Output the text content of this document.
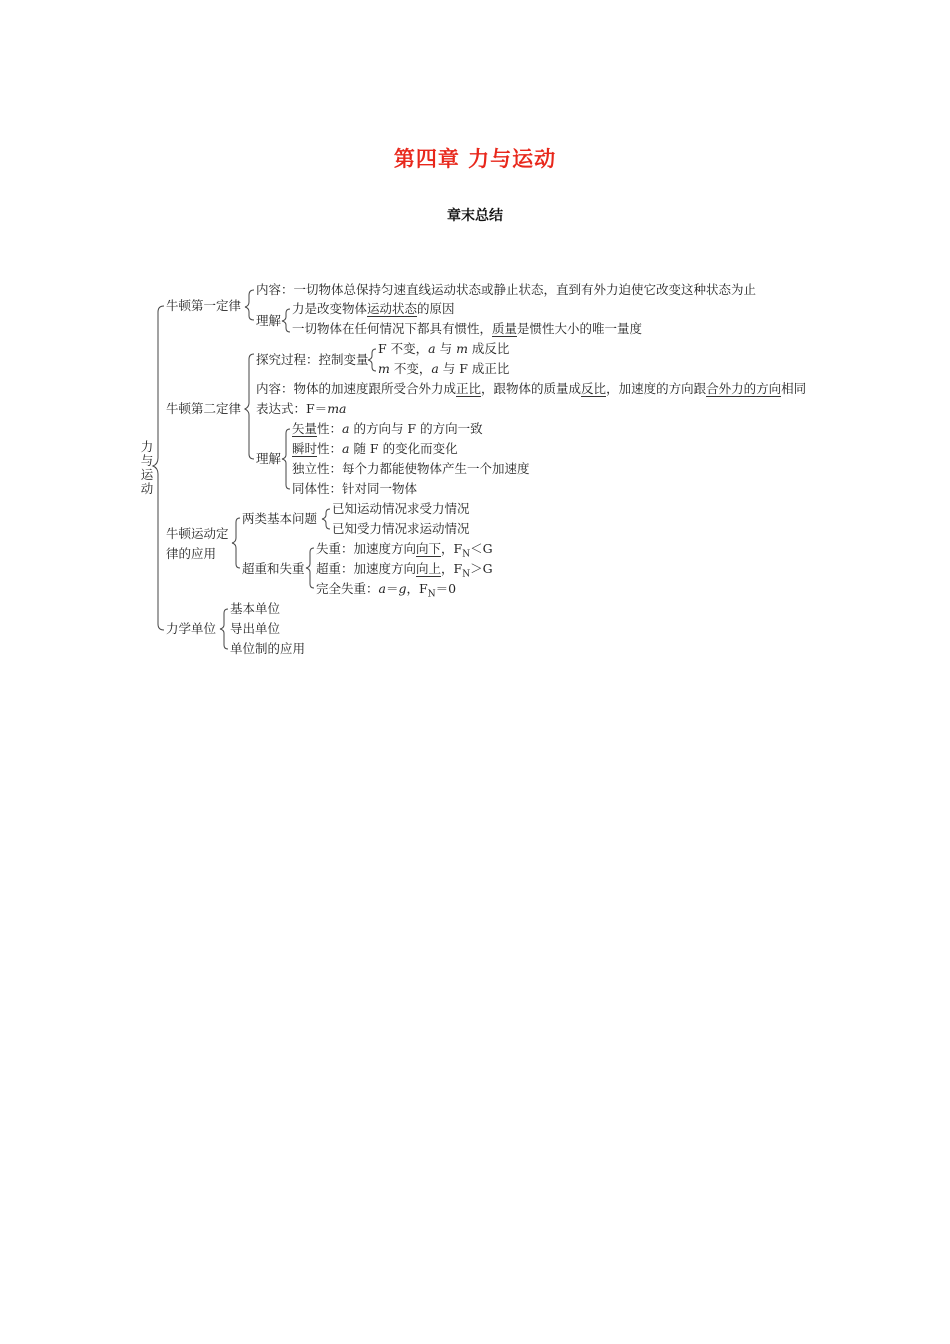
第四章 力与运动
章末总结
力与运动
牛顿第一定律
内容：一切物体总保持匀速直线运动状态或静止状态，直到有外力迫使它改变这种状态为止
理解
力是改变物体运动状态的原因
一切物体在任何情况下都具有惯性，质量是惯性大小的唯一量度
牛顿第二定律
探究过程：控制变量
F 不变，a 与 m 成反比
m 不变，a 与 F 成正比
内容：物体的加速度跟所受合外力成正比，跟物体的质量成反比，加速度的方向跟合外力的方向相同
表达式：F＝ma
理解
矢量性：a 的方向与 F 的方向一致
瞬时性：a 随 F 的变化而变化
独立性：每个力都能使物体产生一个加速度
同体性：针对同一物体
牛顿运动定
律的应用
两类基本问题
已知运动情况求受力情况
已知受力情况求运动情况
超重和失重
失重：加速度方向向下，$F_N<G$
超重：加速度方向向上，$F_N>G$
完全失重：a＝g，$F_N=0$
力学单位
基本单位
导出单位
单位制的应用
